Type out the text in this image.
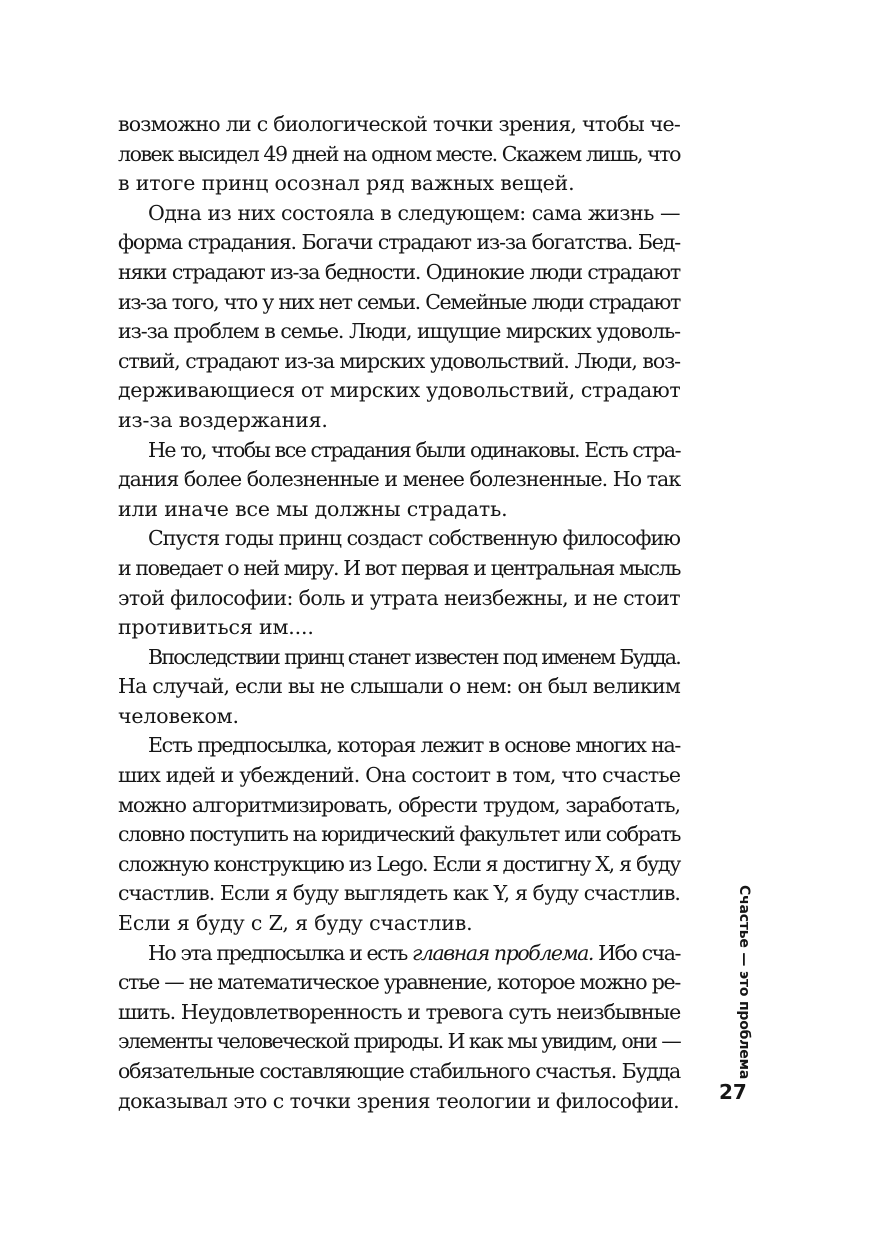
возможно ли с биологической точки зрения, чтобы че-
ловек высидел 49 дней на одном месте. Скажем лишь, что
в итоге принц осознал ряд важных вещей.
Одна из них состояла в следующем: сама жизнь —
форма страдания. Богачи страдают из-за богатства. Бед-
няки страдают из-за бедности. Одинокие люди страдают
из-за того, что у них нет семьи. Семейные люди страдают
из-за проблем в семье. Люди, ищущие мирских удоволь-
ствий, страдают из-за мирских удовольствий. Люди, воз-
держивающиеся от мирских удовольствий, страдают
из-за воздержания.
Не то, чтобы все страдания были одинаковы. Есть стра-
дания более болезненные и менее болезненные. Но так
или иначе все мы должны страдать.
Спустя годы принц создаст собственную философию
и поведает о ней миру. И вот первая и центральная мысль
этой философии: боль и утрата неизбежны, и не стоит
противиться им....
Впоследствии принц станет известен под именем Будда.
На случай, если вы не слышали о нем: он был великим
человеком.
Есть предпосылка, которая лежит в основе многих на-
ших идей и убеждений. Она состоит в том, что счастье
можно алгоритмизировать, обрести трудом, заработать,
словно поступить на юридический факультет или собрать
сложную конструкцию из Lego. Если я достигну X, я буду
счастлив. Если я буду выглядеть как Y, я буду счастлив.
Если я буду с Z, я буду счастлив.
Но эта предпосылка и есть главная проблема. Ибо сча-
стье — не математическое уравнение, которое можно ре-
шить. Неудовлетворенность и тревога суть неизбывные
элементы человеческой природы. И как мы увидим, они —
обязательные составляющие стабильного счастья. Будда
доказывал это с точки зрения теологии и философии.
Счастье — это проблема
27
